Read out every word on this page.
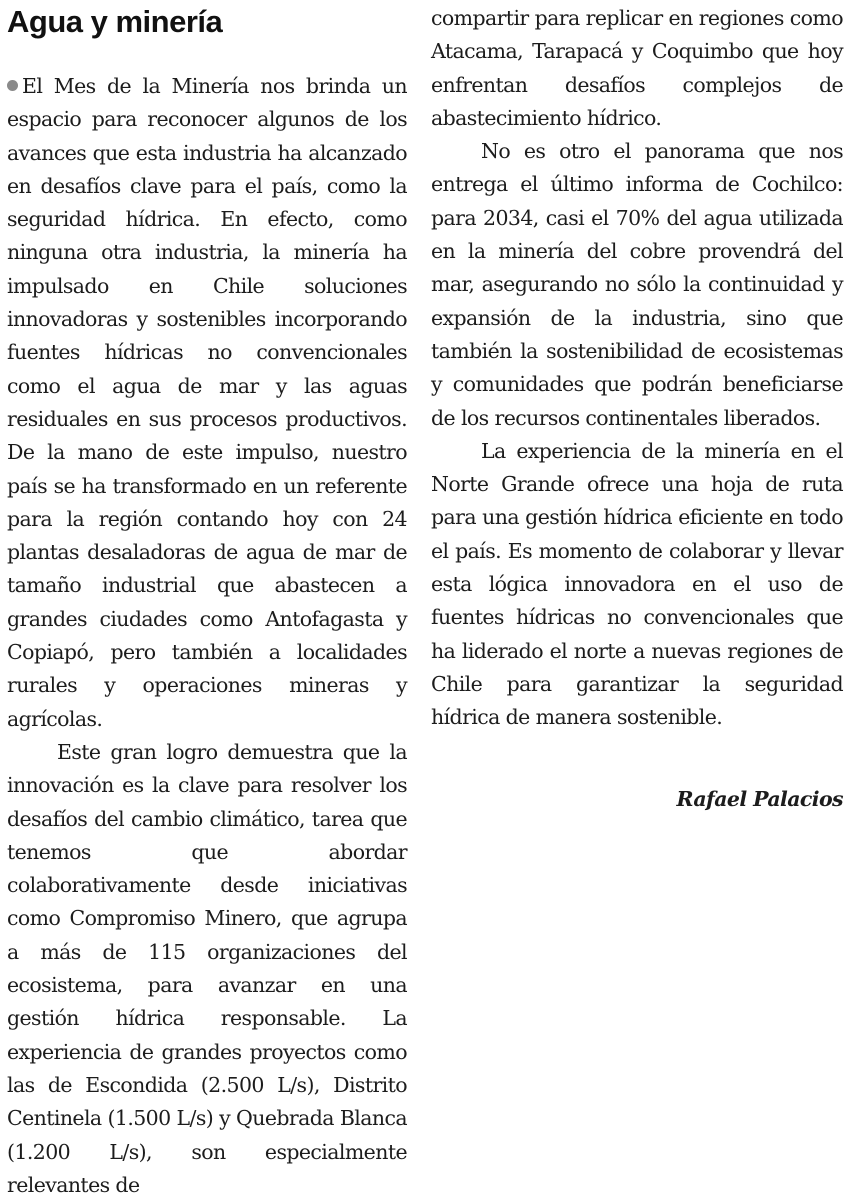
Agua y minería

El Mes de la Minería nos brinda un espacio para reconocer algunos de los avances que esta industria ha alcanzado en desafíos clave para el país, como la seguridad hídrica. En efecto, como ninguna otra industria, la minería ha impulsado en Chile soluciones innovadoras y sostenibles incorporando fuentes hídricas no convencionales como el agua de mar y las aguas residuales en sus procesos productivos. De la mano de este impulso, nuestro país se ha transformado en un referente para la región contando hoy con 24 plantas desaladoras de agua de mar de tamaño industrial que abastecen a grandes ciudades como Antofagasta y Copiapó, pero también a localidades rurales y operaciones mineras y agrícolas.

Este gran logro demuestra que la innovación es la clave para resolver los desafíos del cambio climático, tarea que tenemos que abordar colaborativamente desde iniciativas como Compromiso Minero, que agrupa a más de 115 organizaciones del ecosistema, para avanzar en una gestión hídrica responsable. La experiencia de grandes proyectos como las de Escondida (2.500 L/s), Distrito Centinela (1.500 L/s) y Quebrada Blanca (1.200 L/s), son especialmente relevantes de

compartir para replicar en regiones como Atacama, Tarapacá y Coquimbo que hoy enfrentan desafíos complejos de abastecimiento hídrico.

No es otro el panorama que nos entrega el último informa de Cochilco: para 2034, casi el 70% del agua utilizada en la minería del cobre provendrá del mar, asegurando no sólo la continuidad y expansión de la industria, sino que también la sostenibilidad de ecosistemas y comunidades que podrán beneficiarse de los recursos continentales liberados.

La experiencia de la minería en el Norte Grande ofrece una hoja de ruta para una gestión hídrica eficiente en todo el país. Es momento de colaborar y llevar esta lógica innovadora en el uso de fuentes hídricas no convencionales que ha liderado el norte a nuevas regiones de Chile para garantizar la seguridad hídrica de manera sostenible.

Rafael Palacios
